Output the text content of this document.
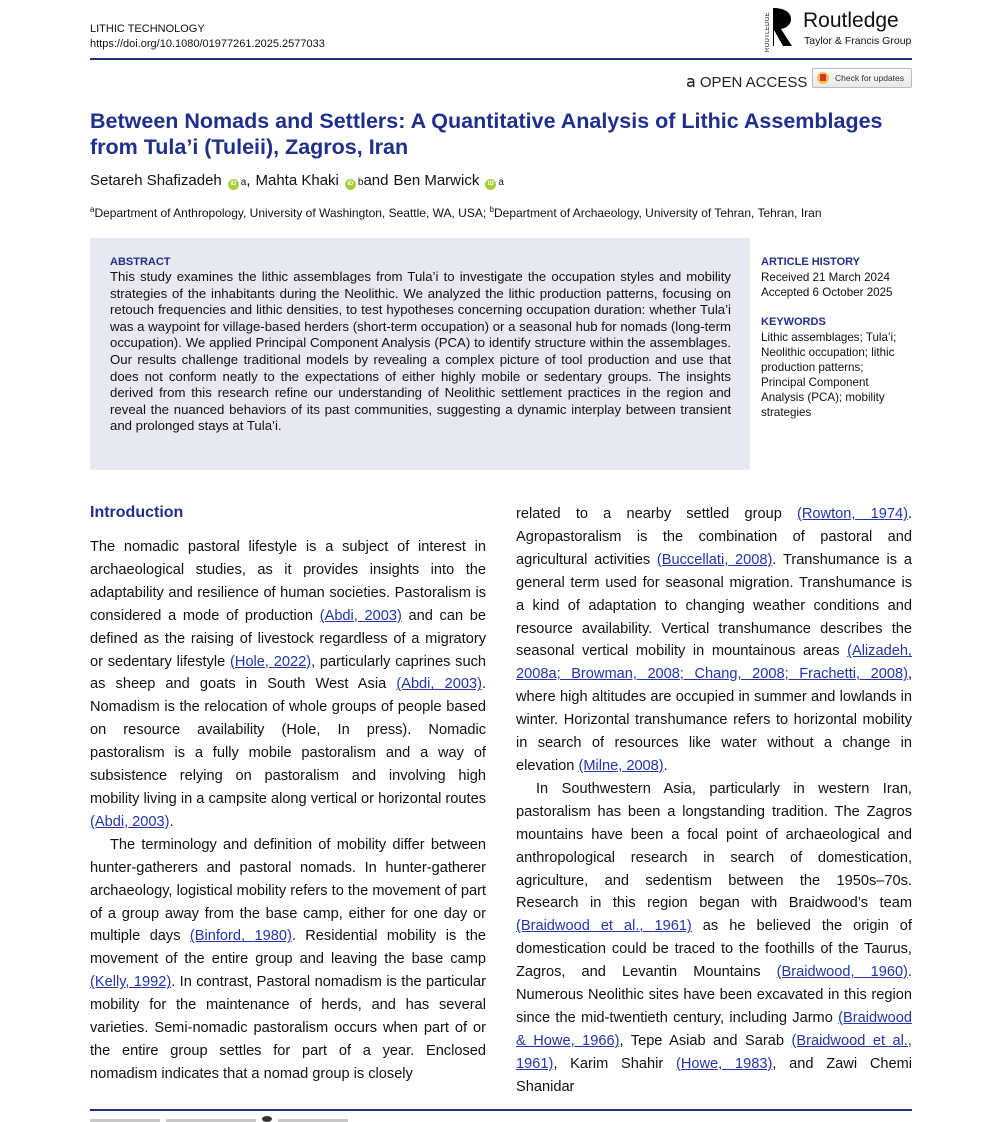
LITHIC TECHNOLOGY
https://doi.org/10.1080/01977261.2025.2577033	ROUTLEDGE Routledge
Taylor & Francis Group
𝖺 OPEN ACCESS	Check for updates
Between Nomads and Settlers: A Quantitative Analysis of Lithic Assemblages from Tula’i (Tuleii), Zagros, Iran
Setareh Shafizadeh	iD a , Mahta Khaki	iD b and Ben Marwick	iD a
$^a$Department of Anthropology, University of Washington, Seattle, WA, USA; $^b$Department of Archaeology, University of Tehran, Tehran, Iran
ABSTRACT
This study examines the lithic assemblages from Tula’i to investigate the occupation styles and mobility strategies of the inhabitants during the Neolithic. We analyzed the lithic production patterns, focusing on retouch frequencies and lithic densities, to test hypotheses concerning occupation duration: whether Tula’i was a waypoint for village-based herders (short-term occupation) or a seasonal hub for nomads (long-term occupation). We applied Principal Component Analysis (PCA) to identify structure within the assemblages. Our results challenge traditional models by revealing a complex picture of tool production and use that does not conform neatly to the expectations of either highly mobile or sedentary groups. The insights derived from this research refine our understanding of Neolithic settlement practices in the region and reveal the nuanced behaviors of its past communities, suggesting a dynamic interplay between transient and prolonged stays at Tula’i.
ARTICLE HISTORY
Received 21 March 2024
Accepted 6 October 2025
KEYWORDS
Lithic assemblages; Tula’i; Neolithic occupation; lithic production patterns; Principal Component Analysis (PCA); mobility strategies
Introduction

The nomadic pastoral lifestyle is a subject of interest in archaeological studies, as it provides insights into the adaptability and resilience of human societies. Pastoralism is considered a mode of production (Abdi, 2003) and can be defined as the raising of livestock regardless of a migratory or sedentary lifestyle (Hole, 2022), particularly caprines such as sheep and goats in South West Asia (Abdi, 2003). Nomadism is the relocation of whole groups of people based on resource availability (Hole, In press). Nomadic pastoralism is a fully mobile pastoralism and a way of subsistence relying on pastoralism and involving high mobility living in a campsite along vertical or horizontal routes (Abdi, 2003).

The terminology and definition of mobility differ between hunter-gatherers and pastoral nomads. In hunter-gatherer archaeology, logistical mobility refers to the movement of part of a group away from the base camp, either for one day or multiple days (Binford, 1980). Residential mobility is the movement of the entire group and leaving the base camp (Kelly, 1992). In contrast, Pastoral nomadism is the particular mobility for the maintenance of herds, and has several varieties. Semi-nomadic pastoralism occurs when part of or the entire group settles for part of a year. Enclosed nomadism indicates that a nomad group is closely

related to a nearby settled group (Rowton, 1974). Agropastoralism is the combination of pastoral and agricultural activities (Buccellati, 2008). Transhumance is a general term used for seasonal migration. Transhumance is a kind of adaptation to changing weather conditions and resource availability. Vertical transhumance describes the seasonal vertical mobility in mountainous areas (Alizadeh, 2008a; Browman, 2008; Chang, 2008; Frachetti, 2008), where high altitudes are occupied in summer and lowlands in winter. Horizontal transhumance refers to horizontal mobility in search of resources like water without a change in elevation (Milne, 2008).

In Southwestern Asia, particularly in western Iran, pastoralism has been a longstanding tradition. The Zagros mountains have been a focal point of archaeological and anthropological research in search of domestication, agriculture, and sedentism between the 1950s–70s. Research in this region began with Braidwood’s team (Braidwood et al., 1961) as he believed the origin of domestication could be traced to the foothills of the Taurus, Zagros, and Levantin Mountains (Braidwood, 1960). Numerous Neolithic sites have been excavated in this region since the mid-twentieth century, including Jarmo (Braidwood & Howe, 1966), Tepe Asiab and Sarab (Braidwood et al., 1961), Karim Shahir (Howe, 1983), and Zawi Chemi Shanidar
